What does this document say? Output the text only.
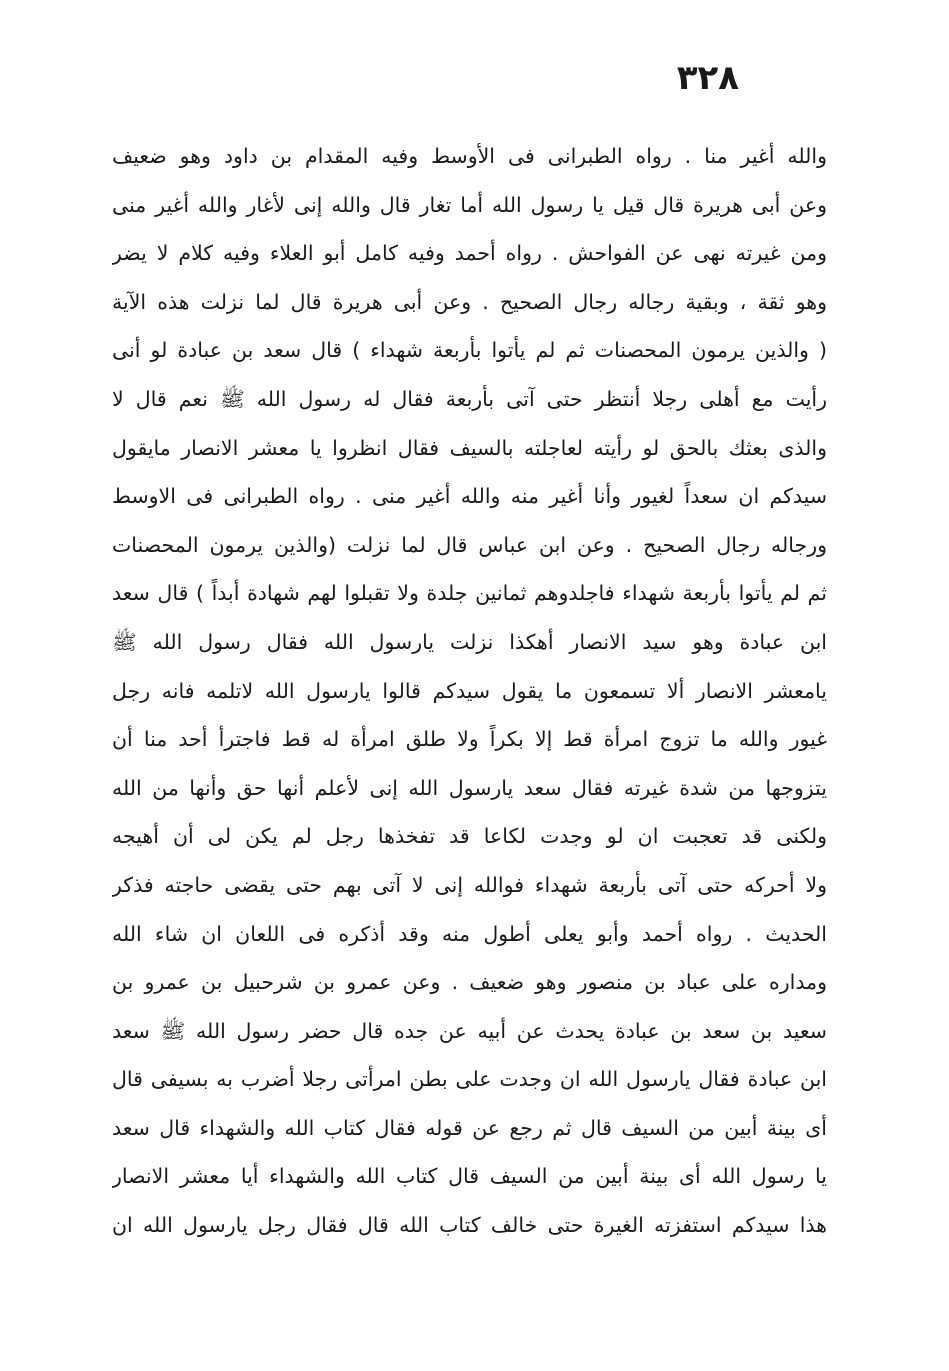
٣٢٨
والله أغير منا . رواه الطبرانى فى الأوسط وفيه المقدام بن داود وهو ضعيف
وعن أبى هريرة قال قيل يا رسول الله أما تغار قال والله إنى لأغار والله أغير منى
ومن غيرته نهى عن الفواحش . رواه أحمد وفيه كامل أبو العلاء وفيه كلام لا يضر
وهو ثقة ، وبقية رجاله رجال الصحيح . وعن أبى هريرة قال لما نزلت هذه الآية
( والذين يرمون المحصنات ثم لم يأتوا بأربعة شهداء ) قال سعد بن عبادة لو أنى
رأيت مع أهلى رجلا أنتظر حتى آتى بأربعة فقال له رسول الله ﷺ نعم قال لا
والذى بعثك بالحق لو رأيته لعاجلته بالسيف فقال انظروا يا معشر الانصار مايقول
سيدكم ان سعداً لغيور وأنا أغير منه والله أغير منى . رواه الطبرانى فى الاوسط
ورجاله رجال الصحيح . وعن ابن عباس قال لما نزلت (والذين يرمون المحصنات
ثم لم يأتوا بأربعة شهداء فاجلدوهم ثمانين جلدة ولا تقبلوا لهم شهادة أبداً ) قال سعد
ابن عبادة وهو سيد الانصار أهكذا نزلت يارسول الله فقال رسول الله ﷺ
يامعشر الانصار ألا تسمعون ما يقول سيدكم قالوا يارسول الله لاتلمه فانه رجل
غيور والله ما تزوج امرأة قط إلا بكراً ولا طلق امرأة له قط فاجترأ أحد منا أن
يتزوجها من شدة غيرته فقال سعد يارسول الله إنى لأعلم أنها حق وأنها من الله
ولكنى قد تعجبت ان لو وجدت لكاعا قد تفخذها رجل لم يكن لى أن أهيجه
ولا أحركه حتى آتى بأربعة شهداء فوالله إنى لا آتى بهم حتى يقضى حاجته فذكر
الحديث . رواه أحمد وأبو يعلى أطول منه وقد أذكره فى اللعان ان شاء الله
ومداره على عباد بن منصور وهو ضعيف . وعن عمرو بن شرحبيل بن عمرو بن
سعيد بن سعد بن عبادة يحدث عن أبيه عن جده قال حضر رسول الله ﷺ سعد
ابن عبادة فقال يارسول الله ان وجدت على بطن امرأتى رجلا أضرب به بسيفى قال
أى بينة أبين من السيف قال ثم رجع عن قوله فقال كتاب الله والشهداء قال سعد
يا رسول الله أى بينة أبين من السيف قال كتاب الله والشهداء أيا معشر الانصار
هذا سيدكم استفزته الغيرة حتى خالف كتاب الله قال فقال رجل يارسول الله ان
